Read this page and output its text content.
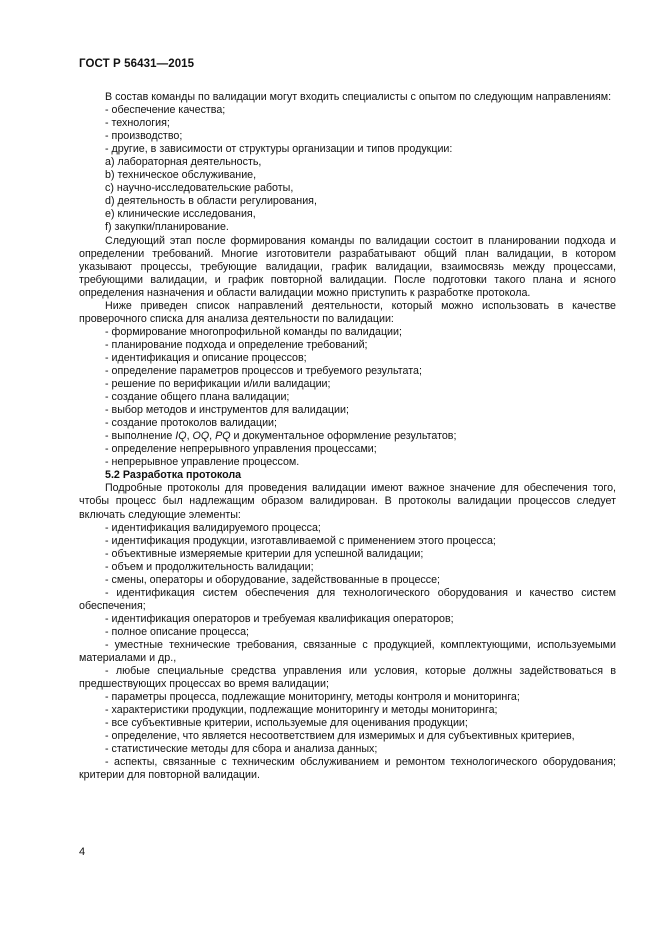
ГОСТ Р 56431—2015

В состав команды по валидации могут входить специалисты с опытом по следующим направлениям:

- обеспечение качества;

- технология;

- производство;

- другие, в зависимости от структуры организации и типов продукции:

a) лабораторная деятельность,

b) техническое обслуживание,

c) научно-исследовательские работы,

d) деятельность в области регулирования,

e) клинические исследования,

f) закупки/планирование.

Следующий этап после формирования команды по валидации состоит в планировании подхода и определении требований. Многие изготовители разрабатывают общий план валидации, в котором указывают процессы, требующие валидации, график валидации, взаимосвязь между процессами, требующими валидации, и график повторной валидации. После подготовки такого плана и ясного определения назначения и области валидации можно приступить к разработке протокола.

Ниже приведен список направлений деятельности, который можно использовать в качестве проверочного списка для анализа деятельности по валидации:

- формирование многопрофильной команды по валидации;

- планирование подхода и определение требований;

- идентификация и описание процессов;

- определение параметров процессов и требуемого результата;

- решение по верификации и/или валидации;

- создание общего плана валидации;

- выбор методов и инструментов для валидации;

- создание протоколов валидации;

- выполнение IQ, OQ, PQ и документальное оформление результатов;

- определение непрерывного управления процессами;

- непрерывное управление процессом.

5.2 Разработка протокола

Подробные протоколы для проведения валидации имеют важное значение для обеспечения того, чтобы процесс был надлежащим образом валидирован. В протоколы валидации процессов следует включать следующие элементы:

- идентификация валидируемого процесса;

- идентификация продукции, изготавливаемой с применением этого процесса;

- объективные измеряемые критерии для успешной валидации;

- объем и продолжительность валидации;

- смены, операторы и оборудование, задействованные в процессе;

- идентификация систем обеспечения для технологического оборудования и качество систем обеспечения;

- идентификация операторов и требуемая квалификация операторов;

- полное описание процесса;

- уместные технические требования, связанные с продукцией, комплектующими, используемыми материалами и др.,

- любые специальные средства управления или условия, которые должны задействоваться в предшествующих процессах во время валидации;

- параметры процесса, подлежащие мониторингу, методы контроля и мониторинга;

- характеристики продукции, подлежащие мониторингу и методы мониторинга;

- все субъективные критерии, используемые для оценивания продукции;

- определение, что является несоответствием для измеримых и для субъективных критериев,

- статистические методы для сбора и анализа данных;

- аспекты, связанные с техническим обслуживанием и ремонтом технологического оборудования; критерии для повторной валидации.

4
